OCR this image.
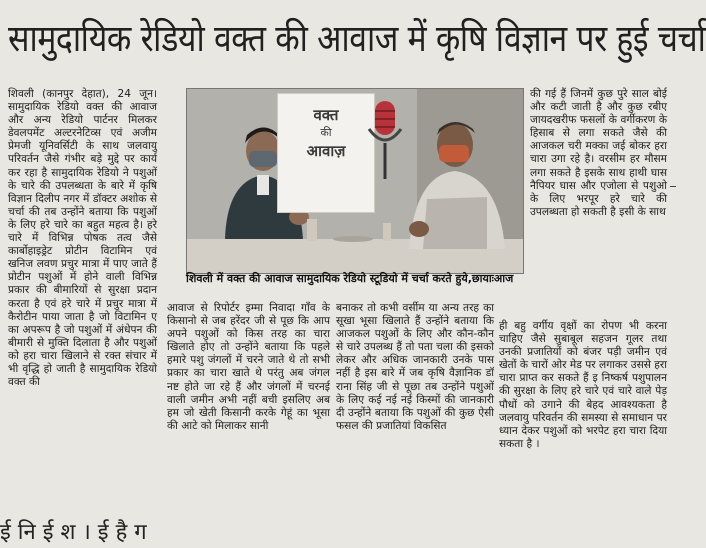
सामुदायिक रेडियो वक्त की आवाज में कृषि विज्ञान पर हुई चर्चा

शिवली (कानपुर देहात), 24 जून। सामुदायिक रेडियो वक्त की आवाज और अन्य रेडियो पार्टनर मिलकर डेवलपमेंट अल्टरनेटिव्स एवं अजीम प्रेमजी यूनिवर्सिटी के साथ जलवायु परिवर्तन जैसे गंभीर बड़े मुद्दे पर कार्य कर रहा है सामुदायिक रेडियो ने पशुओं के चारे की उपलब्धता के बारे में कृषि विज्ञान दिलीप नगर में डॉक्टर अशोक से चर्चा की तब उन्होंने बताया कि पशुओं के लिए हरे चारे का बहुत महत्व है। हरे चारे में विभिन्न पोषक तत्व जैसे कार्बोहाइड्रेट प्रोटीन विटामिन एवं खनिज लवण प्रचुर मात्रा में पाए जाते हैं प्रोटीन पशुओं में होने वाली विभिन्न प्रकार की बीमारियों से सुरक्षा प्रदान करता है एवं हरे चारे में प्रचुर मात्रा में कैरोटीन पाया जाता है जो विटामिन ए का अपरूप है जो पशुओं में अंधेपन की बीमारी से मुक्ति दिलाता है और पशुओं को हरा चारा खिलाने से रक्त संचार में भी वृद्धि हो जाती है सामुदायिक रेडियो वक्त की

वक्त
की
आवाज़
शिवली में वक्त की आवाज सामुदायिक रेडियो स्टूडियो में चर्चा करते हुये,छायाःआज

आवाज से रिपोर्टर इम्मा निवादा गाँव के किसानो से जब हरेंदर जी से पूछ कि आप अपने पशुओं को किस तरह का चारा खिलाते होए तो उन्होंने बताया कि पहले हमारे पशु जंगलों में चरने जाते थे तो सभी प्रकार का चारा खाते थे परंतु अब जंगल नष्ट होते जा रहे हैं और जंगलों में चरनई वाली जमीन अभी नहीं बची इसलिए अब हम जो खेती किसानी करके गेहूं का भूसा की आटे को मिलाकर सानी

बनाकर तो कभी वर्सीम या अन्य तरह का सूखा भूसा खिलाते हैं उन्होंने बताया कि आजकल पशुओं के लिए और कौन-कौन से चारे उपलब्ध हैं तो पता चला की इसको लेकर और अधिक जानकारी उनके पास नहीं है इस बारे में जब कृषि वैज्ञानिक डॉ राना सिंह जी से पूछा तब उन्होंने पशुओं के लिए कई नई नई किस्मों की जानकारी दी उन्होंने बताया कि पशुओं की कुछ ऐसी फसल की प्रजातियां विकसित

की गई हैं जिनमें कुछ पुरे साल बोई और कटी जाती है और कुछ रबीए जायदखरीफ फसलों के वर्गीकरण के हिसाब से लगा सकते जैसे की आजकल चरी मक्का जई बोकर हरा चारा उगा रहे है। वरसीम हर मौसम लगा सकते है इसके साथ हाथी घास नैपियर घास और एजोला से पशुओ के लिए भरपूर हरे चारे की उपलब्धता हो सकती है इसी के साथ

ही बहु वर्गीय वृक्षों का रोपण भी करना चाहिए जैसे सुबाबूल सहजन गूलर तथा उनकी प्रजातियों को बंजर पड़ी जमीन एवं खेतों के चारों ओर मेड पर लगाकर उससे हरा चारा प्राप्त कर सकते हैं इ निष्कर्ष पशुपालन की सुरक्षा के लिए हरे चारे एवं चारे वाले पेड़ पौधों को उगाने की बेहद आवश्यकता है जलवायु परिवर्तन की समस्या से समाधान पर ध्यान देकर पशुओं को भरपेट हरा चारा दिया सकता है ।

ई नि ई श । ई है ग
